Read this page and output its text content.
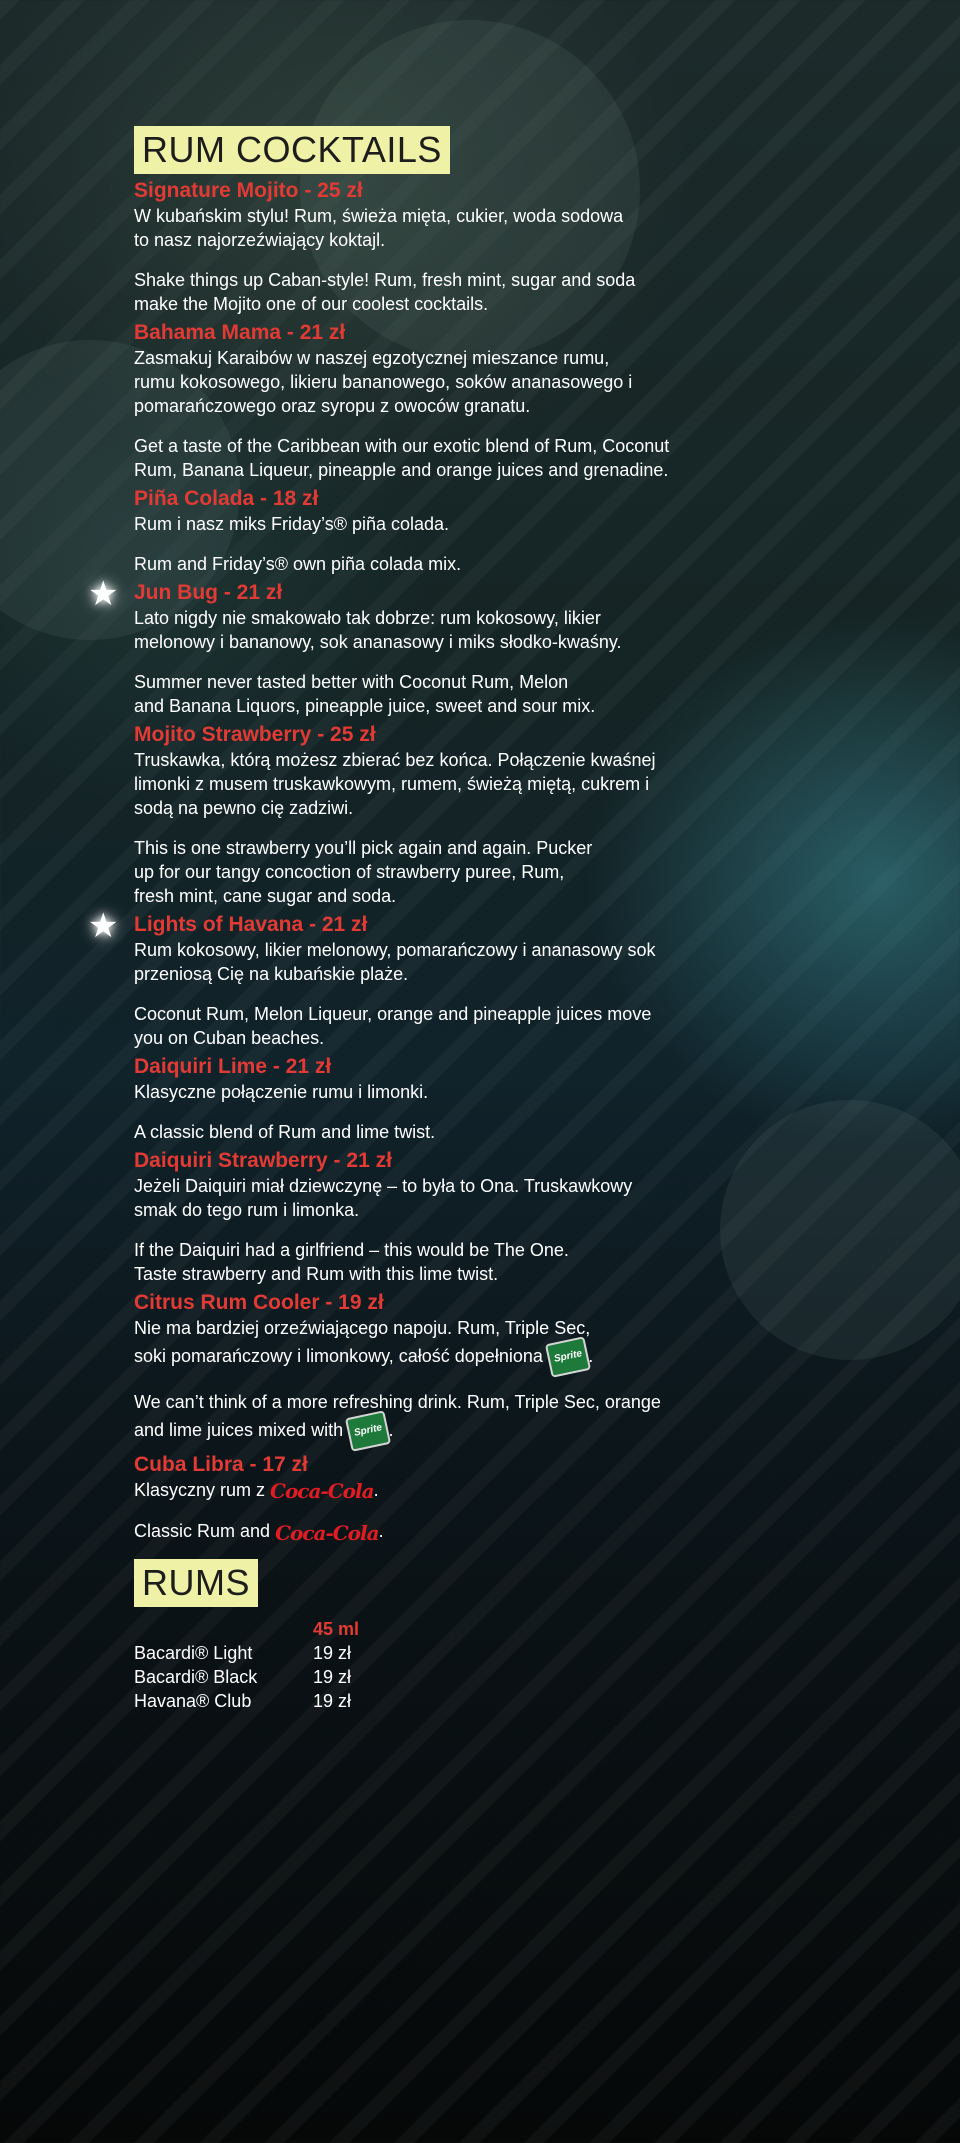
RUM COCKTAILS
Signature Mojito - 25 zł

W kubańskim stylu! Rum, świeża mięta, cukier, woda sodowa
to nasz najorzeźwiający koktajl.

Shake things up Caban-style! Rum, fresh mint, sugar and soda
make the Mojito one of our coolest cocktails.

Bahama Mama - 21 zł

Zasmakuj Karaibów w naszej egzotycznej mieszance rumu,
rumu kokosowego, likieru bananowego, soków ananasowego i
pomarańczowego oraz syropu z owoców granatu.

Get a taste of the Caribbean with our exotic blend of Rum, Coconut
Rum, Banana Liqueur, pineapple and orange juices and grenadine.

Piña Colada - 18 zł

Rum i nasz miks Friday’s® piña colada.

Rum and Friday’s® own piña colada mix.

★ Jun Bug - 21 zł

Lato nigdy nie smakowało tak dobrze: rum kokosowy, likier
melonowy i bananowy, sok ananasowy i miks słodko-kwaśny.

Summer never tasted better with Coconut Rum, Melon
and Banana Liquors, pineapple juice, sweet and sour mix.

Mojito Strawberry - 25 zł

Truskawka, którą możesz zbierać bez końca. Połączenie kwaśnej
limonki z musem truskawkowym, rumem, świeżą miętą, cukrem i
sodą na pewno cię zadziwi.

This is one strawberry you’ll pick again and again. Pucker
up for our tangy concoction of strawberry puree, Rum,
fresh mint, cane sugar and soda.

★ Lights of Havana - 21 zł

Rum kokosowy, likier melonowy, pomarańczowy i ananasowy sok
przeniosą Cię na kubańskie plaże.

Coconut Rum, Melon Liqueur, orange and pineapple juices move
you on Cuban beaches.

Daiquiri Lime - 21 zł

Klasyczne połączenie rumu i limonki.

A classic blend of Rum and lime twist.

Daiquiri Strawberry - 21 zł

Jeżeli Daiquiri miał dziewczynę – to była to Ona. Truskawkowy
smak do tego rum i limonka.

If the Daiquiri had a girlfriend – this would be The One.
Taste strawberry and Rum with this lime twist.

Citrus Rum Cooler - 19 zł

Nie ma bardziej orzeźwiającego napoju. Rum, Triple Sec,
soki pomarańczowy i limonkowy, całość dopełniona Sprite .

We can’t think of a more refreshing drink. Rum, Triple Sec, orange
and lime juices mixed with Sprite .

Cuba Libra - 17 zł

Klasyczny rum z Coca-Cola.

Classic Rum and Coca-Cola.

RUMS
	45 ml
Bacardi® Light	19 zł
Bacardi® Black	19 zł
Havana® Club	19 zł
